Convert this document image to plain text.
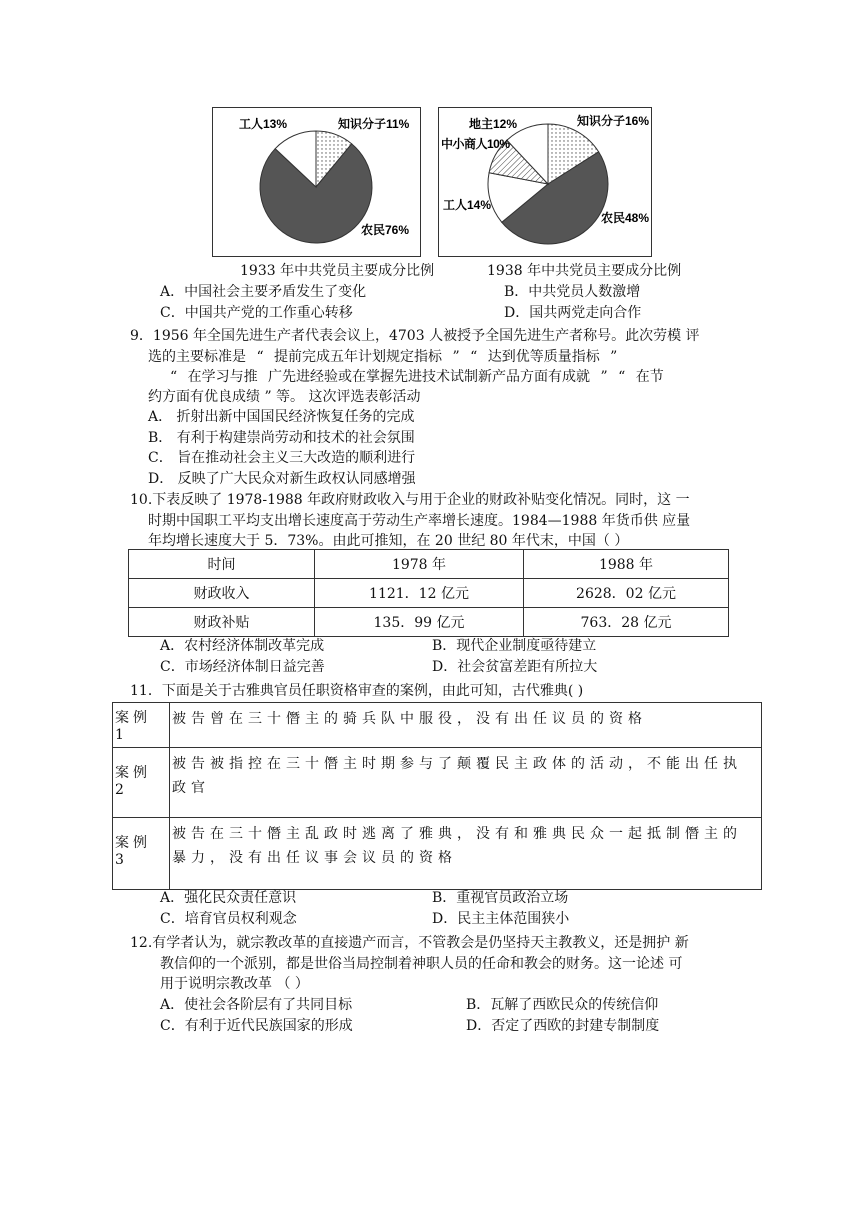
工人13%	知识分子11%
农民76%
地主12%	知识分子16%
中小商人10%
工人14%
农民48%
1933 年中共党员主要成分比例	1938 年中共党员主要成分比例
A．中国社会主要矛盾发生了变化	B．中共党员人数激增
C．中国共产党的工作重心转移	D．国共两党走向合作
9．1956 年全国先进生产者代表会议上，4703 人被授予全国先进生产者称号。此次劳模 评
选的主要标准是 “ 提前完成五年计划规定指标 ” “ 达到优等质量指标 ”
“ 在学习与推 广先进经验或在掌握先进技术试制新产品方面有成就 ” “ 在节
约方面有优良成绩 ” 等。 这次评选表彰活动
A． 折射出新中国国民经济恢复任务的完成
B． 有利于构建崇尚劳动和技术的社会氛围
C． 旨在推动社会主义三大改造的顺利进行
D． 反映了广大民众对新生政权认同感增强
10.下表反映了 1978-1988 年政府财政收入与用于企业的财政补贴变化情况。同时，这 一
时期中国职工平均支出增长速度高于劳动生产率增长速度。1984—1988 年货币供 应量
年均增长速度大于 5．73%。由此可推知，在 20 世纪 80 年代末，中国（ ）
时间	1978 年	1988 年
财政收入	1121．12 亿元	2628．02 亿元
财政补贴	135．99 亿元	763．28 亿元
A．农村经济体制改革完成	B．现代企业制度亟待建立
C．市场经济体制日益完善	D．社会贫富差距有所拉大
11．下面是关于古雅典官员任职资格审查的案例，由此可知，古代雅典( )
案例 1	被告曾在三十僭主的骑兵队中服役，没有出任议员的资格
案例 2	被告被指控在三十僭主时期参与了颠覆民主政体的活动，不能出任执政官
案例 3	被告在三十僭主乱政时逃离了雅典，没有和雅典民众一起抵制僭主的暴力，没有出任议事会议员的资格
A．强化民众责任意识	B．重视官员政治立场
C．培育官员权利观念	D．民主主体范围狭小
12.有学者认为，就宗教改革的直接遗产而言，不管教会是仍坚持天主教教义，还是拥护 新
教信仰的一个派别，都是世俗当局控制着神职人员的任命和教会的财务。这一论述 可
用于说明宗教改革 （ ）
A．使社会各阶层有了共同目标	B．瓦解了西欧民众的传统信仰
C．有利于近代民族国家的形成	D．否定了西欧的封建专制制度
